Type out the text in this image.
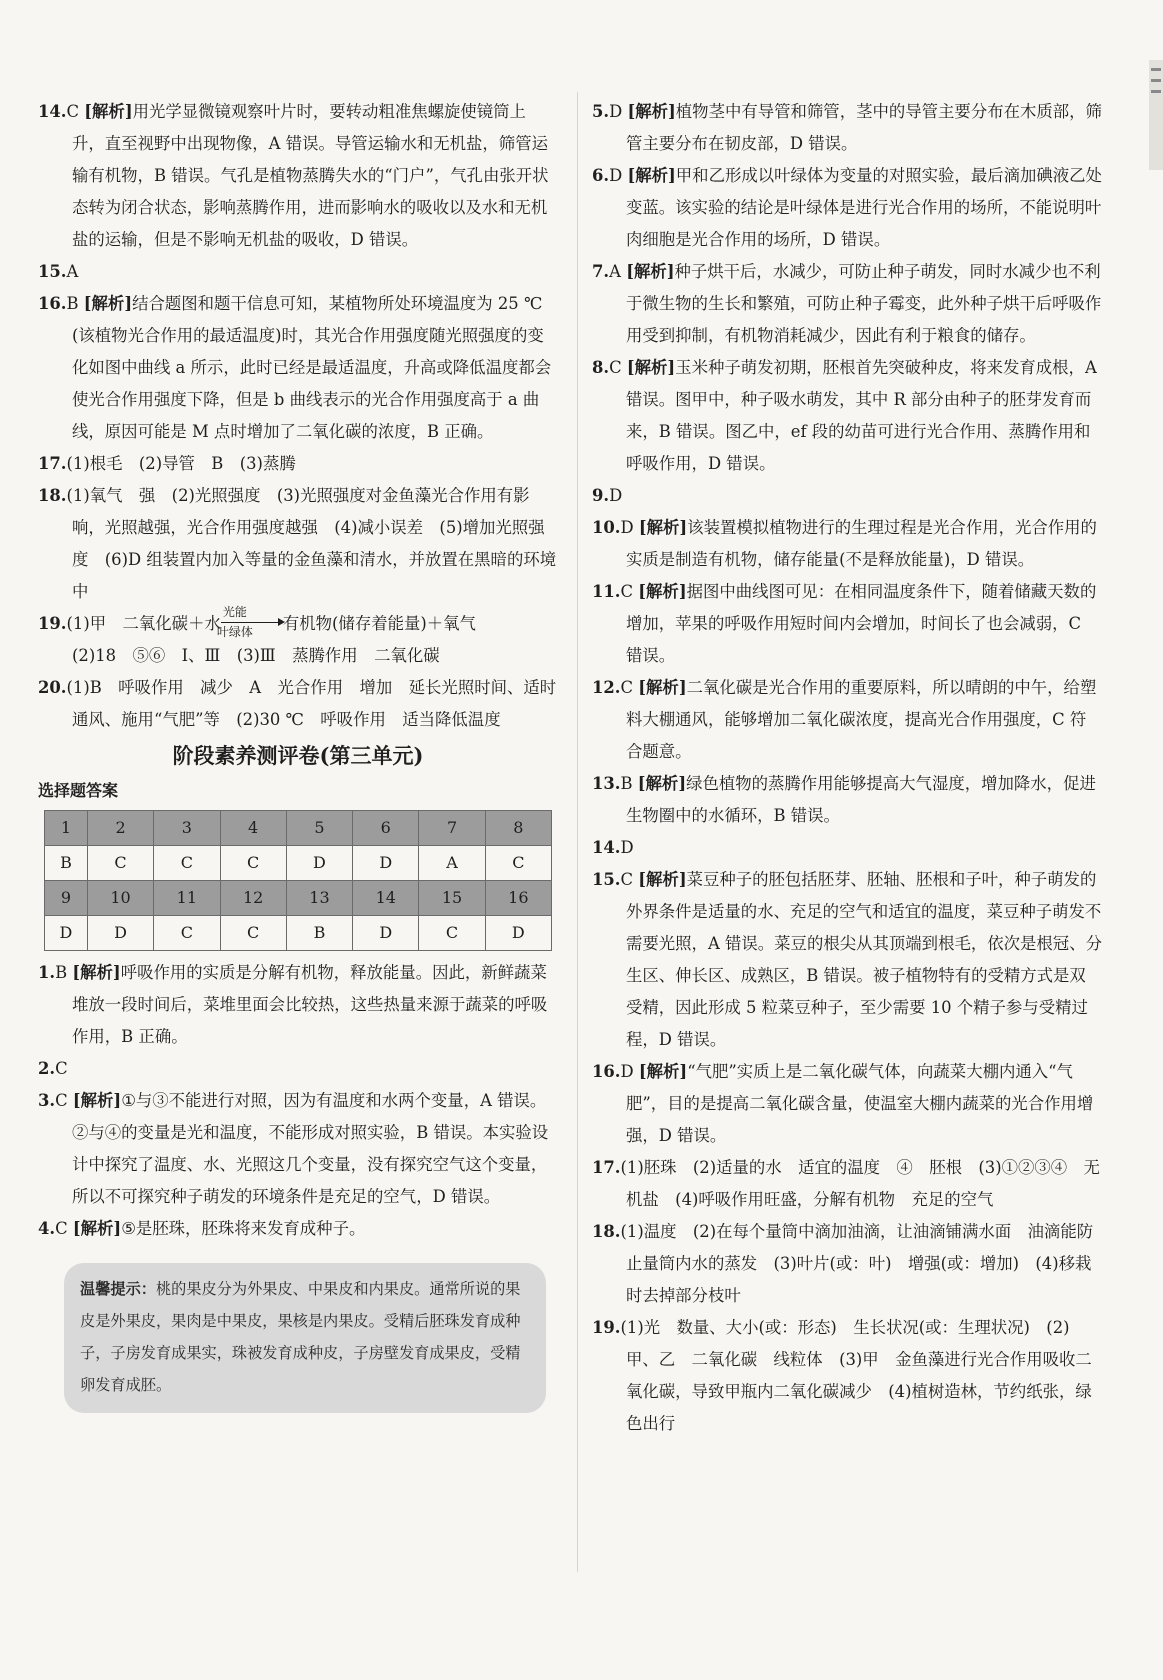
14.C [解析]用光学显微镜观察叶片时，要转动粗准焦螺旋使镜筒上升，直至视野中出现物像，A 错误。导管运输水和无机盐，筛管运输有机物，B 错误。气孔是植物蒸腾失水的“门户”，气孔由张开状态转为闭合状态，影响蒸腾作用，进而影响水的吸收以及水和无机盐的运输，但是不影响无机盐的吸收，D 错误。

15.A

16.B [解析]结合题图和题干信息可知，某植物所处环境温度为 25 ℃(该植物光合作用的最适温度)时，其光合作用强度随光照强度的变化如图中曲线 a 所示，此时已经是最适温度，升高或降低温度都会使光合作用强度下降，但是 b 曲线表示的光合作用强度高于 a 曲线，原因可能是 M 点时增加了二氧化碳的浓度，B 正确。

17.(1)根毛　(2)导管　B　(3)蒸腾

18.(1)氧气　强　(2)光照强度　(3)光照强度对金鱼藻光合作用有影响，光照越强，光合作用强度越强　(4)减小误差　(5)增加光照强度　(6)D 组装置内加入等量的金鱼藻和清水，并放置在黑暗的环境中

19.(1)甲　二氧化碳＋水
光能
叶绿体	有机物(储存着能量)＋氧气
(2)18　⑤⑥　Ⅰ、Ⅲ　(3)Ⅲ　蒸腾作用　二氧化碳

20.(1)B　呼吸作用　减少　A　光合作用　增加　延长光照时间、适时通风、施用“气肥”等　(2)30 ℃　呼吸作用　适当降低温度

阶段素养测评卷(第三单元)

选择题答案

1	2	3	4	5	6	7	8
B	C	C	C	D	D	A	C
9	10	11	12	13	14	15	16
D	D	C	C	B	D	C	D

1.B [解析]呼吸作用的实质是分解有机物，释放能量。因此，新鲜蔬菜堆放一段时间后，菜堆里面会比较热，这些热量来源于蔬菜的呼吸作用，B 正确。

2.C

3.C [解析]①与③不能进行对照，因为有温度和水两个变量，A 错误。②与④的变量是光和温度，不能形成对照实验，B 错误。本实验设计中探究了温度、水、光照这几个变量，没有探究空气这个变量，所以不可探究种子萌发的环境条件是充足的空气，D 错误。

4.C [解析]⑤是胚珠，胚珠将来发育成种子。

温馨提示：桃的果皮分为外果皮、中果皮和内果皮。通常所说的果皮是外果皮，果肉是中果皮，果核是内果皮。受精后胚珠发育成种子，子房发育成果实，珠被发育成种皮，子房壁发育成果皮，受精卵发育成胚。

5.D [解析]植物茎中有导管和筛管，茎中的导管主要分布在木质部，筛管主要分布在韧皮部，D 错误。

6.D [解析]甲和乙形成以叶绿体为变量的对照实验，最后滴加碘液乙处变蓝。该实验的结论是叶绿体是进行光合作用的场所，不能说明叶肉细胞是光合作用的场所，D 错误。

7.A [解析]种子烘干后，水减少，可防止种子萌发，同时水减少也不利于微生物的生长和繁殖，可防止种子霉变，此外种子烘干后呼吸作用受到抑制，有机物消耗减少，因此有利于粮食的储存。

8.C [解析]玉米种子萌发初期，胚根首先突破种皮，将来发育成根，A 错误。图甲中，种子吸水萌发，其中 R 部分由种子的胚芽发育而来，B 错误。图乙中，ef 段的幼苗可进行光合作用、蒸腾作用和呼吸作用，D 错误。

9.D

10.D [解析]该装置模拟植物进行的生理过程是光合作用，光合作用的实质是制造有机物，储存能量(不是释放能量)，D 错误。

11.C [解析]据图中曲线图可见：在相同温度条件下，随着储藏天数的增加，苹果的呼吸作用短时间内会增加，时间长了也会减弱，C 错误。

12.C [解析]二氧化碳是光合作用的重要原料，所以晴朗的中午，给塑料大棚通风，能够增加二氧化碳浓度，提高光合作用强度，C 符合题意。

13.B [解析]绿色植物的蒸腾作用能够提高大气湿度，增加降水，促进生物圈中的水循环，B 错误。

14.D

15.C [解析]菜豆种子的胚包括胚芽、胚轴、胚根和子叶，种子萌发的外界条件是适量的水、充足的空气和适宜的温度，菜豆种子萌发不需要光照，A 错误。菜豆的根尖从其顶端到根毛，依次是根冠、分生区、伸长区、成熟区，B 错误。被子植物特有的受精方式是双受精，因此形成 5 粒菜豆种子，至少需要 10 个精子参与受精过程，D 错误。

16.D [解析]“气肥”实质上是二氧化碳气体，向蔬菜大棚内通入“气肥”，目的是提高二氧化碳含量，使温室大棚内蔬菜的光合作用增强，D 错误。

17.(1)胚珠　(2)适量的水　适宜的温度　④　胚根　(3)①②③④　无机盐　(4)呼吸作用旺盛，分解有机物　充足的空气

18.(1)温度　(2)在每个量筒中滴加油滴，让油滴铺满水面　油滴能防止量筒内水的蒸发　(3)叶片(或：叶)　增强(或：增加)　(4)移栽时去掉部分枝叶

19.(1)光　数量、大小(或：形态)　生长状况(或：生理状况)　(2)甲、乙　二氧化碳　线粒体　(3)甲　金鱼藻进行光合作用吸收二氧化碳，导致甲瓶内二氧化碳减少　(4)植树造林，节约纸张，绿色出行
